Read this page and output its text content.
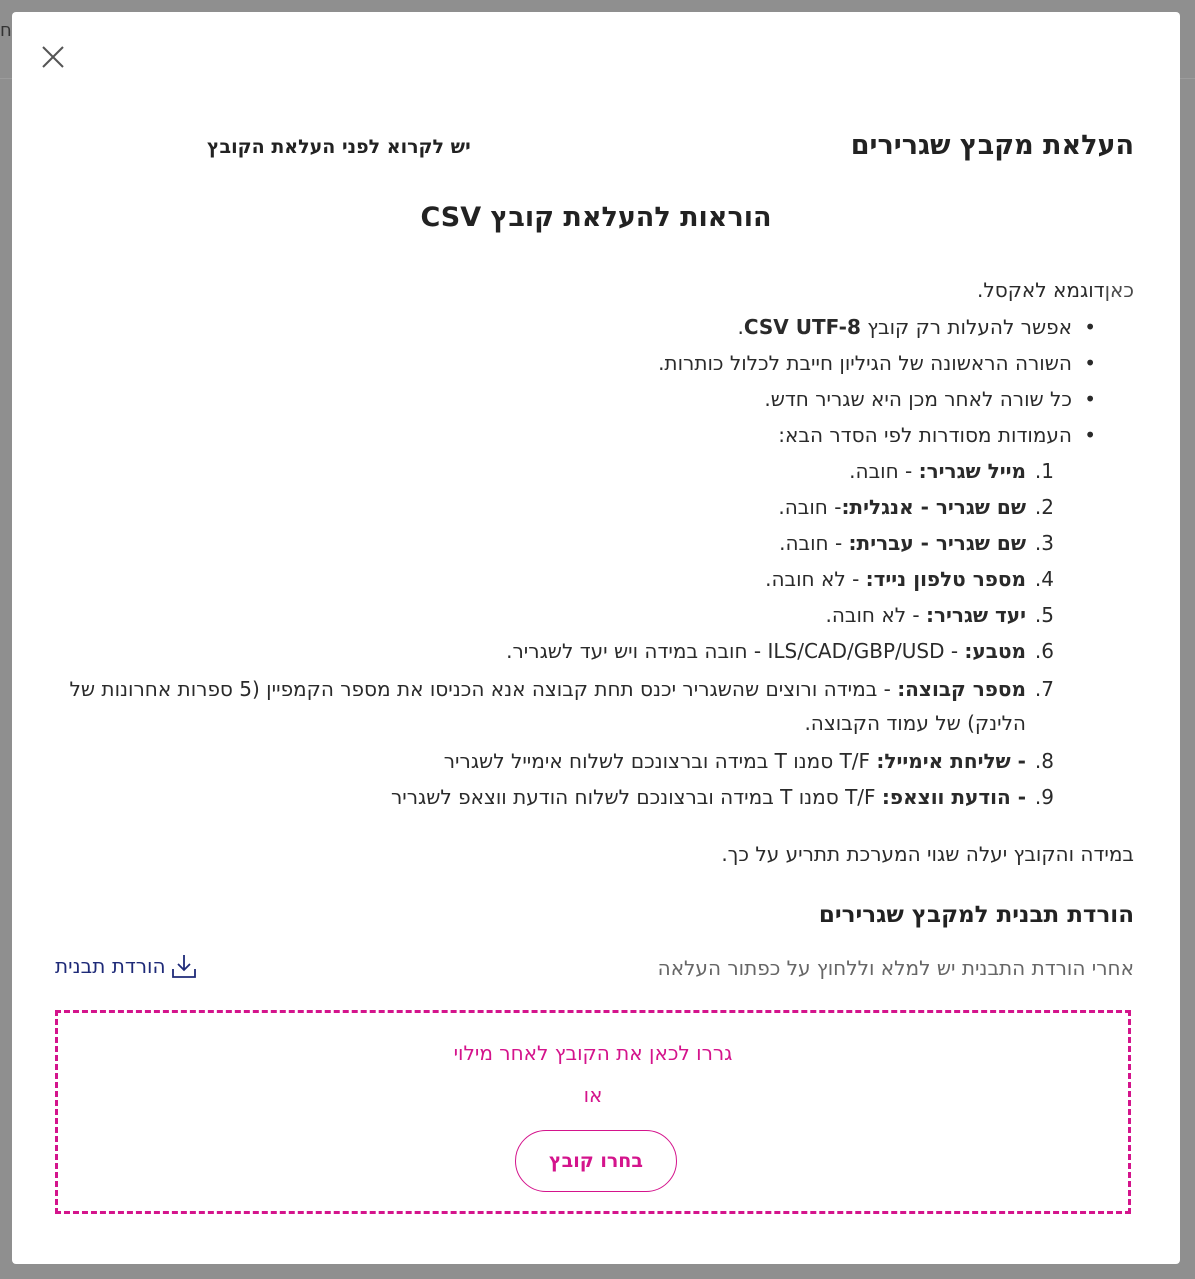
ח
העלאת מקבץ שגרירים
יש לקרוא לפני העלאת הקובץ
הוראות להעלאת קובץ CSV
כאןדוגמא לאקסל.
• אפשר להעלות רק קובץ CSV UTF-8.
• השורה הראשונה של הגיליון חייבת לכלול כותרות.
• כל שורה לאחר מכן היא שגריר חדש.
• העמודות מסודרות לפי הסדר הבא:
1.
מייל שגריר: - חובה.
2.
שם שגריר - אנגלית:- חובה.
3.
שם שגריר - עברית: - חובה.
4.
מספר טלפון נייד: - לא חובה.
5.
יעד שגריר: - לא חובה.
6.
מטבע: - ILS/CAD/GBP/USD - חובה במידה ויש יעד לשגריר.
7.
מספר קבוצה: - במידה ורוצים שהשגריר יכנס תחת קבוצה אנא הכניסו את מספר הקמפיין (5 ספרות אחרונות של הלינק) של עמוד הקבוצה.
8.
- שליחת אימייל: T/F סמנו T במידה וברצונכם לשלוח אימייל לשגריר
9.
- הודעת ווצאפ: T/F סמנו T במידה וברצונכם לשלוח הודעת ווצאפ לשגריר
במידה והקובץ יעלה שגוי המערכת תתריע על כך.
הורדת תבנית למקבץ שגרירים
אחרי הורדת התבנית יש למלא וללחוץ על כפתור העלאה
הורדת תבנית
גררו לכאן את הקובץ לאחר מילוי
או
בחרו קובץ
